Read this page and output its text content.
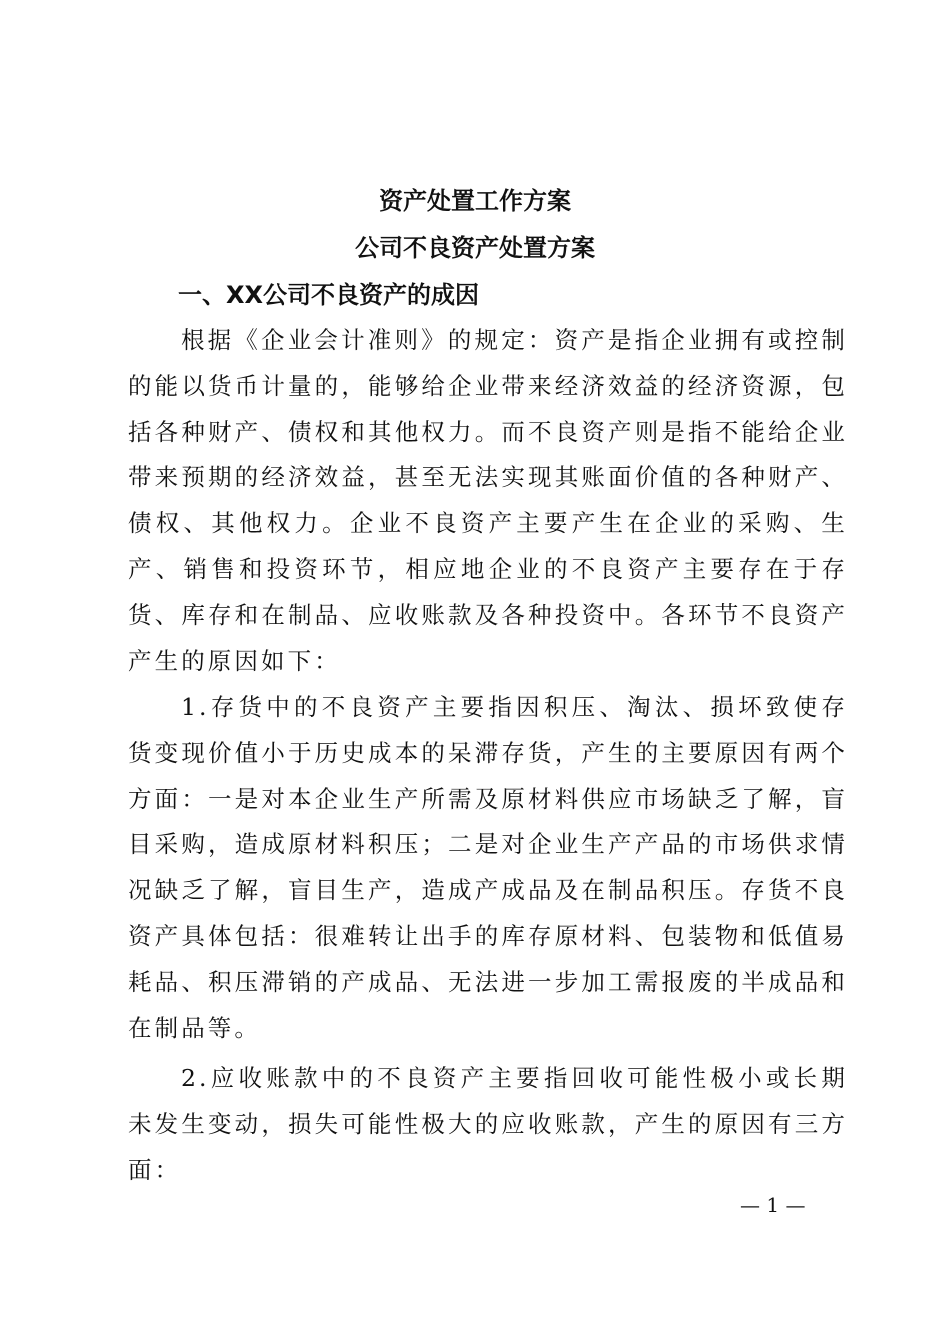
资产处置工作方案
公司不良资产处置方案
一、XX公司不良资产的成因

根据《企业会计准则》的规定：资产是指企业拥有或控制的能以货币计量的，能够给企业带来经济效益的经济资源，包括各种财产、债权和其他权力。而不良资产则是指不能给企业带来预期的经济效益，甚至无法实现其账面价值的各种财产、债权、其他权力。企业不良资产主要产生在企业的采购、生产、销售和投资环节，相应地企业的不良资产主要存在于存货、库存和在制品、应收账款及各种投资中。各环节不良资产产生的原因如下：

1.存货中的不良资产主要指因积压、淘汰、损坏致使存货变现价值小于历史成本的呆滞存货，产生的主要原因有两个方面：一是对本企业生产所需及原材料供应市场缺乏了解，盲目采购，造成原材料积压；二是对企业生产产品的市场供求情况缺乏了解，盲目生产，造成产成品及在制品积压。存货不良资产具体包括：很难转让出手的库存原材料、包装物和低值易耗品、积压滞销的产成品、无法进一步加工需报废的半成品和在制品等。

2.应收账款中的不良资产主要指回收可能性极小或长期未发生变动，损失可能性极大的应收账款，产生的原因有三方面：

— 1 —
